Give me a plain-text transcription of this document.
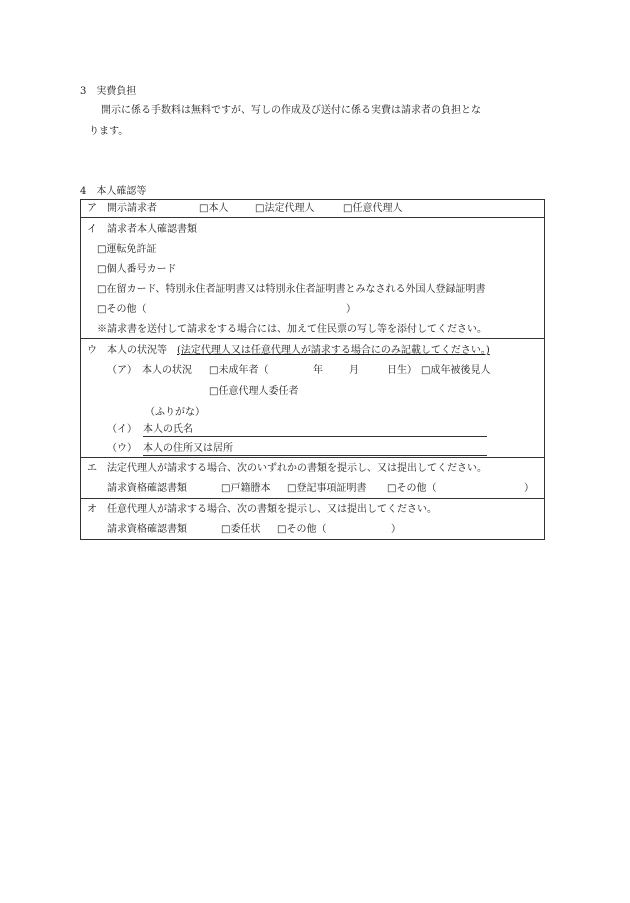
3　実費負担
開示に係る手数料は無料ですが、写しの作成及び送付に係る実費は請求者の負担とな
ります。
4　本人確認等
ア　開示請求者	□本人	□法定代理人	□任意代理人

イ　請求者本人確認書類
□運転免許証
□個人番号カード
□在留カード、特別永住者証明書又は特別永住者証明書とみなされる外国人登録証明書
□その他（	）
※請求書を送付して請求をする場合には、加えて住民票の写し等を添付してください。

ウ　本人の状況等 (法定代理人又は任意代理人が請求する場合にのみ記載してください。)
（ア）　本人の状況 □未成年者（	年	月	日生） □成年被後見人
□任意代理人委任者
（ふりがな）
（イ） 本人の氏名
（ウ） 本人の住所又は居所

エ　法定代理人が請求する場合、次のいずれかの書類を提示し、又は提出してください。
請求資格確認書類	□戸籍謄本 □登記事項証明書 □その他（	）

オ　任意代理人が請求する場合、次の書類を提示し、又は提出してください。
請求資格確認書類	□委任状 □その他（	）
